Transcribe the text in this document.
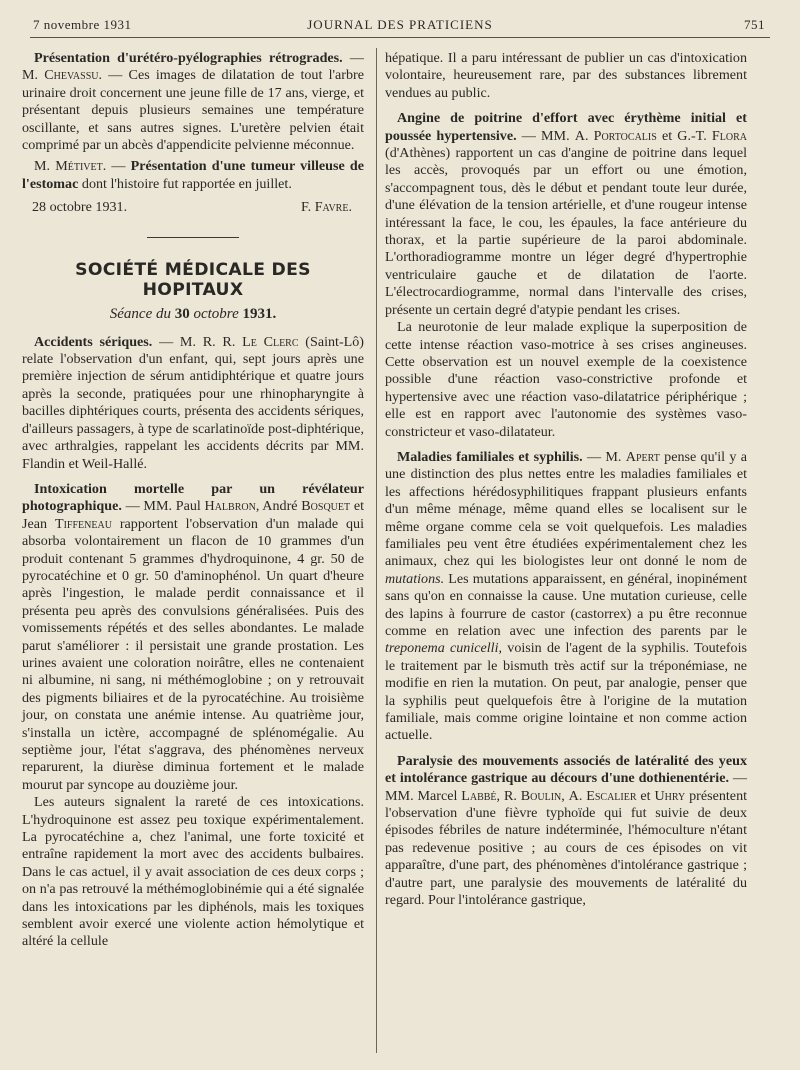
7 novembre 1931	JOURNAL DES PRATICIENS	751

Présentation d'urétéro-pyélographies rétrogrades. — M. Chevassu. — Ces images de dilatation de tout l'arbre urinaire droit concernent une jeune fille de 17 ans, vierge, et présentant depuis plusieurs semaines une température oscillante, et sans autres signes. L'uretère pelvien était comprimé par un abcès d'appendicite pelvienne méconnue.

M. Métivet. — Présentation d'une tumeur villeuse de l'estomac dont l'histoire fut rapportée en juillet.

28 octobre 1931.	F. Favre.

SOCIÉTÉ MÉDICALE DES HOPITAUX

Séance du 30 octobre 1931.

Accidents sériques. — M. R. R. Le Clerc (Saint-Lô) relate l'observation d'un enfant, qui, sept jours après une première injection de sérum antidiphtérique et quatre jours après la seconde, pratiquées pour une rhinopharyngite à bacilles diphtériques courts, présenta des accidents sériques, d'ailleurs passagers, à type de scarlatinoïde post-diphtérique, avec arthralgies, rappelant les accidents décrits par MM. Flandin et Weil-Hallé.

Intoxication mortelle par un révélateur photographique. — MM. Paul Halbron, André Bosquet et Jean Tiffeneau rapportent l'observation d'un malade qui absorba volontairement un flacon de 10 grammes d'un produit contenant 5 grammes d'hydroquinone, 4 gr. 50 de pyrocatéchine et 0 gr. 50 d'aminophénol. Un quart d'heure après l'ingestion, le malade perdit connaissance et il présenta peu après des convulsions généralisées. Puis des vomissements répétés et des selles abondantes. Le malade parut s'améliorer : il persistait une grande prostation. Les urines avaient une coloration noirâtre, elles ne contenaient ni albumine, ni sang, ni méthémoglobine ; on y retrouvait des pigments biliaires et de la pyrocatéchine. Au troisième jour, on constata une anémie intense. Au quatrième jour, s'installa un ictère, accompagné de splénomégalie. Au septième jour, l'état s'aggrava, des phénomènes nerveux reparurent, la diurèse diminua fortement et le malade mourut par syncope au douzième jour.

Les auteurs signalent la rareté de ces intoxications. L'hydroquinone est assez peu toxique expérimentalement. La pyrocatéchine a, chez l'animal, une forte toxicité et entraîne rapidement la mort avec des accidents bulbaires. Dans le cas actuel, il y avait association de ces deux corps ; on n'a pas retrouvé la méthémoglobinémie qui a été signalée dans les intoxications par les diphénols, mais les toxiques semblent avoir exercé une violente action hémolytique et altéré la cellule

hépatique. Il a paru intéressant de publier un cas d'intoxication volontaire, heureusement rare, par des substances librement vendues au public.

Angine de poitrine d'effort avec érythème initial et poussée hypertensive. — MM. A. Portocalis et G.-T. Flora (d'Athènes) rapportent un cas d'angine de poitrine dans lequel les accès, provoqués par un effort ou une émotion, s'accompagnent tous, dès le début et pendant toute leur durée, d'une élévation de la tension artérielle, et d'une rougeur intense intéressant la face, le cou, les épaules, la face antérieure du thorax, et la partie supérieure de la paroi abdominale. L'orthoradiogramme montre un léger degré d'hypertrophie ventriculaire gauche et de dilatation de l'aorte. L'électrocardiogramme, normal dans l'intervalle des crises, présente un certain degré d'atypie pendant les crises.

La neurotonie de leur malade explique la superposition de cette intense réaction vaso-motrice à ses crises angineuses. Cette observation est un nouvel exemple de la coexistence possible d'une réaction vaso-constrictive profonde et hypertensive avec une réaction vaso-dilatatrice périphérique ; elle est en rapport avec l'autonomie des systèmes vaso-constricteur et vaso-dilatateur.

Maladies familiales et syphilis. — M. Apert pense qu'il y a une distinction des plus nettes entre les maladies familiales et les affections hérédosyphilitiques frappant plusieurs enfants d'un même ménage, même quand elles se localisent sur le même organe comme cela se voit quelquefois. Les maladies familiales peu vent être étudiées expérimentalement chez les animaux, chez qui les biologistes leur ont donné le nom de mutations. Les mutations apparaissent, en général, inopinément sans qu'on en connaisse la cause. Une mutation curieuse, celle des lapins à fourrure de castor (castorrex) a pu être reconnue comme en relation avec une infection des parents par le treponema cunicelli, voisin de l'agent de la syphilis. Toutefois le traitement par le bismuth très actif sur la tréponémiase, ne modifie en rien la mutation. On peut, par analogie, penser que la syphilis peut quelquefois être à l'origine de la mutation familiale, mais comme origine lointaine et non comme action actuelle.

Paralysie des mouvements associés de latéralité des yeux et intolérance gastrique au décours d'une dothienentérie. — MM. Marcel Labbé, R. Boulin, A. Escalier et Uhry présentent l'observation d'une fièvre typhoïde qui fut suivie de deux épisodes fébriles de nature indéterminée, l'hémoculture n'étant pas redevenue positive ; au cours de ces épisodes on vit apparaître, d'une part, des phénomènes d'intolérance gastrique ; d'autre part, une paralysie des mouvements de latéralité du regard. Pour l'intolérance gastrique,
